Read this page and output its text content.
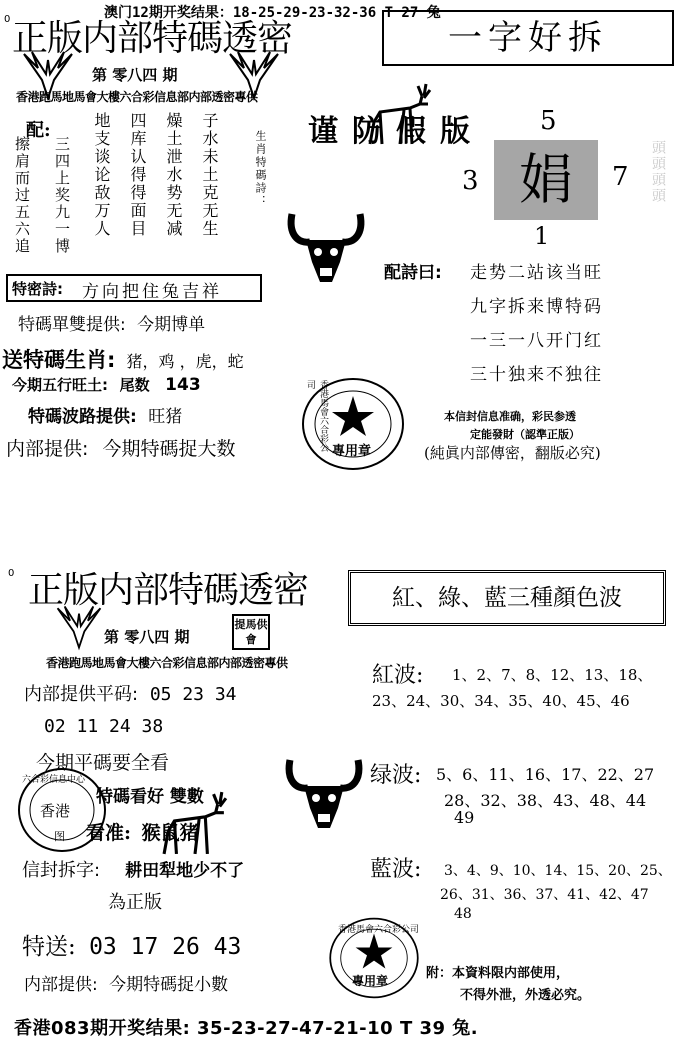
澳门12期开奖结果：18-25-29-23-32-36 T 27 兔
0 正版内部特碼透密
第 零八四 期
香港跑馬地馬會大樓六合彩信息部内部透密專供
一字好拆
谨防假版 5
3 娟	7
1
頭頭頭頭
配:	子水未土克无生
燥土泄水势无减
四库认得得面目
地支谈论敌万人
三四上奖九一博
擦肩而过五六追	生肖特碼詩：
特密詩: 方向把住兔吉祥
特碼單雙提供: 今期博单
送特碼生肖: 猪，鸡 ，虎，蛇
今期五行旺土: 尾数 143
特碼波路提供: 旺猪
内部提供: 今期特碼捉大数
配詩曰: 走势二站该当旺
九字拆来博特码
一三一八开门红
三十独来不独往
香港馬會六合彩公司
專用章
本信封信息准确，彩民参透
定能發財（認準正版）
(純眞内部傳密，翻版必究)
0 正版内部特碼透密
第 零八四 期
提馬供會
香港跑馬地馬會大樓六合彩信息部内部透密專供
内部提供平码: 05 23 34
02 11 24 38
今期平碼要全看
特碼看好 雙數
六合彩信息中心
香港
图 看准: 猴鼠猪
信封拆字: 耕田犁地少不了
為正版
特送: 03 17 26 43
内部提供: 今期特碼捉小數
紅、綠、藍三種顏色波
紅波: 1、2、7、8、12、13、18、
23、24、30、34、35、40、45、46
绿波: 5、6、11、16、17、22、27
28、32、38、43、48、44
49
藍波: 3、4、9、10、14、15、20、25、
26、31、36、37、41、42、47
48
香港馬會六合彩公司
專用章	附：本資料限内部使用，
不得外泄，外透必究。
香港083期开奖结果: 35-23-27-47-21-10 T 39 兔.
